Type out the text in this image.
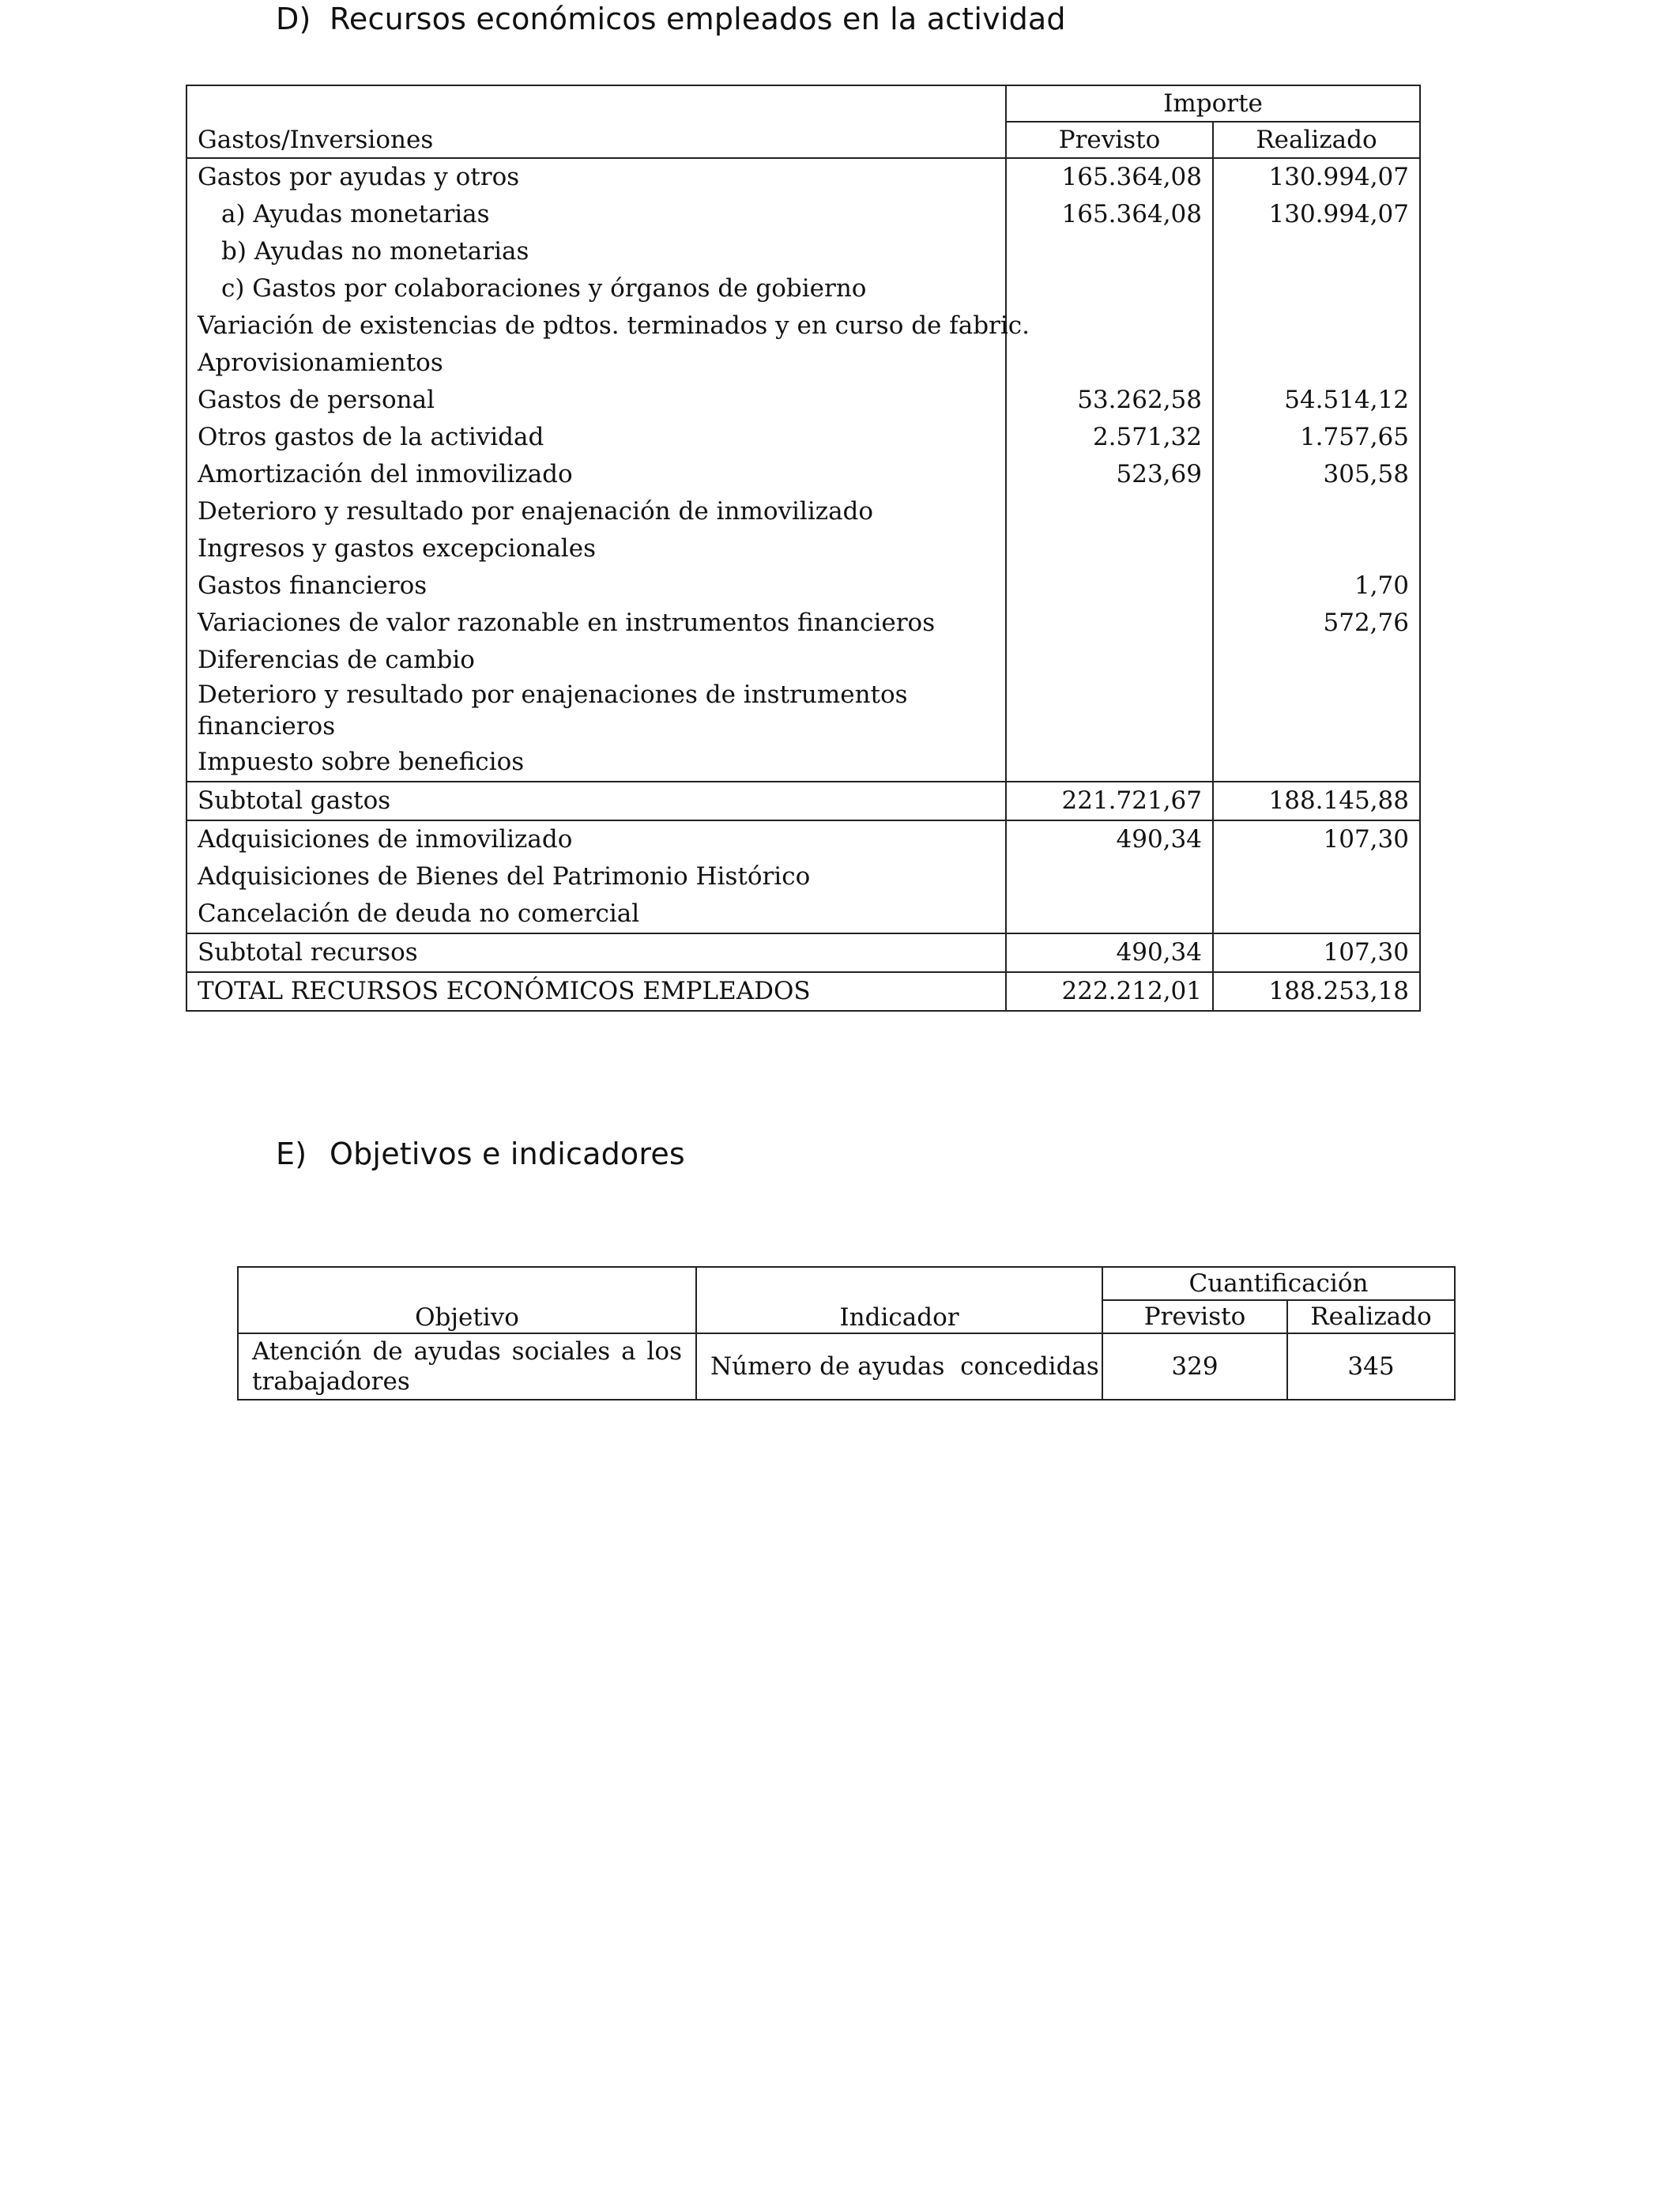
D) Recursos económicos empleados en la actividad
Gastos/Inversiones	Importe	
	Previsto	Realizado
Gastos por ayudas y otros	165.364,08	130.994,07
a) Ayudas monetarias	165.364,08	130.994,07
b) Ayudas no monetarias		
c) Gastos por colaboraciones y órganos de gobierno		
Variación de existencias de pdtos. terminados y en curso de fabric.		
Aprovisionamientos		
Gastos de personal	53.262,58	54.514,12
Otros gastos de la actividad	2.571,32	1.757,65
Amortización del inmovilizado	523,69	305,58
Deterioro y resultado por enajenación de inmovilizado		
Ingresos y gastos excepcionales		
Gastos financieros		1,70
Variaciones de valor razonable en instrumentos financieros		572,76
Diferencias de cambio		
Deterioro y resultado por enajenaciones de instrumentos financieros		
Impuesto sobre beneficios		
Subtotal gastos	221.721,67	188.145,88
Adquisiciones de inmovilizado	490,34	107,30
Adquisiciones de Bienes del Patrimonio Histórico		
Cancelación de deuda no comercial		
Subtotal recursos	490,34	107,30
TOTAL RECURSOS ECONÓMICOS EMPLEADOS	222.212,01	188.253,18
E) Objetivos e indicadores
Objetivo	Indicador	Cuantificación	
		Previsto	Realizado
Atención de ayudas sociales a los trabajadores	Número de ayudas  concedidas	329	345
